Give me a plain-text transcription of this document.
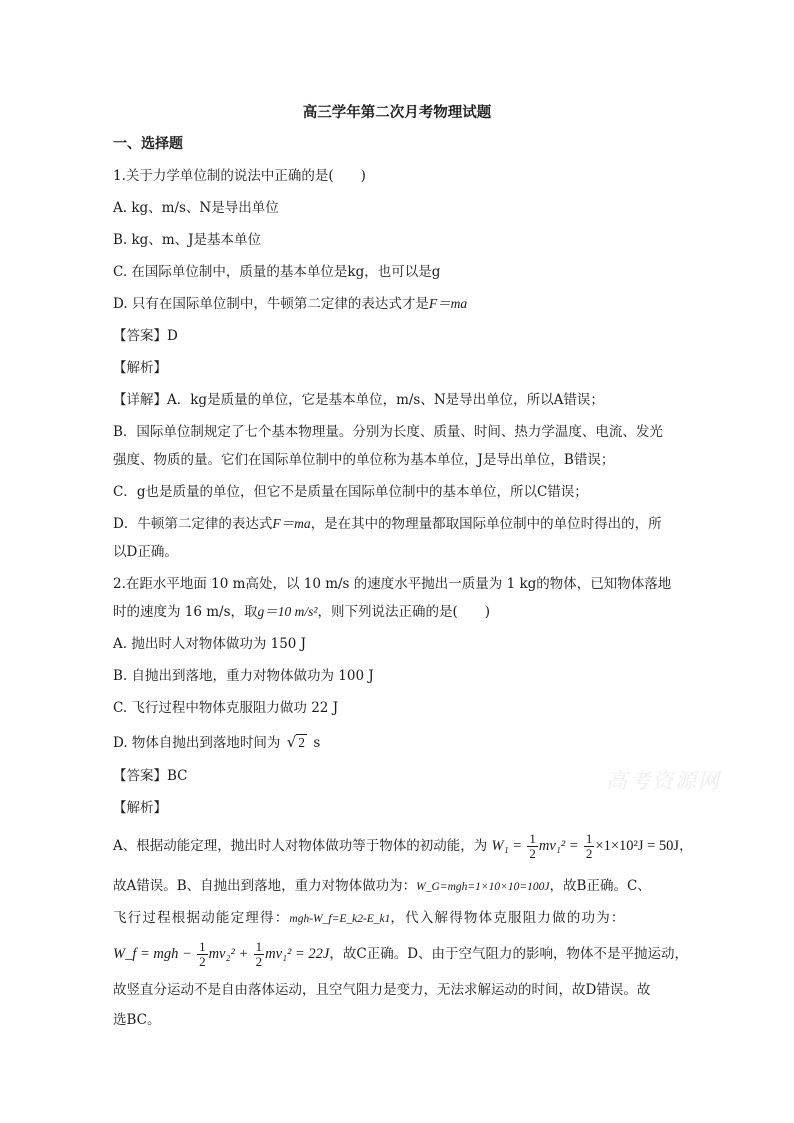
高三学年第二次月考物理试题
一、选择题
1.关于力学单位制的说法中正确的是(　　)
A. kg、m/s、N是导出单位
B. kg、m、J是基本单位
C. 在国际单位制中，质量的基本单位是kg，也可以是g
D. 只有在国际单位制中，牛顿第二定律的表达式才是F＝ma
【答案】D
【解析】
【详解】A．kg是质量的单位，它是基本单位，m/s、N是导出单位，所以A错误；
B．国际单位制规定了七个基本物理量。分别为长度、质量、时间、热力学温度、电流、发光
强度、物质的量。它们在国际单位制中的单位称为基本单位，J是导出单位，B错误；
C．g也是质量的单位，但它不是质量在国际单位制中的基本单位，所以C错误；
D．牛顿第二定律的表达式F＝ma，是在其中的物理量都取国际单位制中的单位时得出的，所
以D正确。
2.在距水平地面 10 m高处，以 10 m/s 的速度水平抛出一质量为 1 kg的物体，已知物体落地
时的速度为 16 m/s，取g＝10 m/s²，则下列说法正确的是(　　)
A. 抛出时人对物体做功为 150 J
B. 自抛出到落地，重力对物体做功为 100 J
C. 飞行过程中物体克服阻力做功 22 J
D. 物体自抛出到落地时间为 √ 2 s
【答案】BC
【解析】
A、根据动能定理，抛出时人对物体做功等于物体的初动能，为 $W_1 = \frac{1}{2} mv_1^2 = \frac{1}{2} \times 1\times 10^2J = 50J$，
故A错误。B、自抛出到落地，重力对物体做功为：W_G=mgh=1×10×10=100J，故B正确。C、
飞行过程根据动能定理得：mgh-W_f=E_k2-E_k1，代入解得物体克服阻力做的功为：
W_f = mgh − $\frac{1}{2} mv_2^2 + \frac{1}{2} mv_1^2 = 22J$，故C正确。D、由于空气阻力的影响，物体不是平抛运动，
故竖直分运动不是自由落体运动，且空气阻力是变力，无法求解运动的时间，故D错误。故
选BC。
高考资源网
